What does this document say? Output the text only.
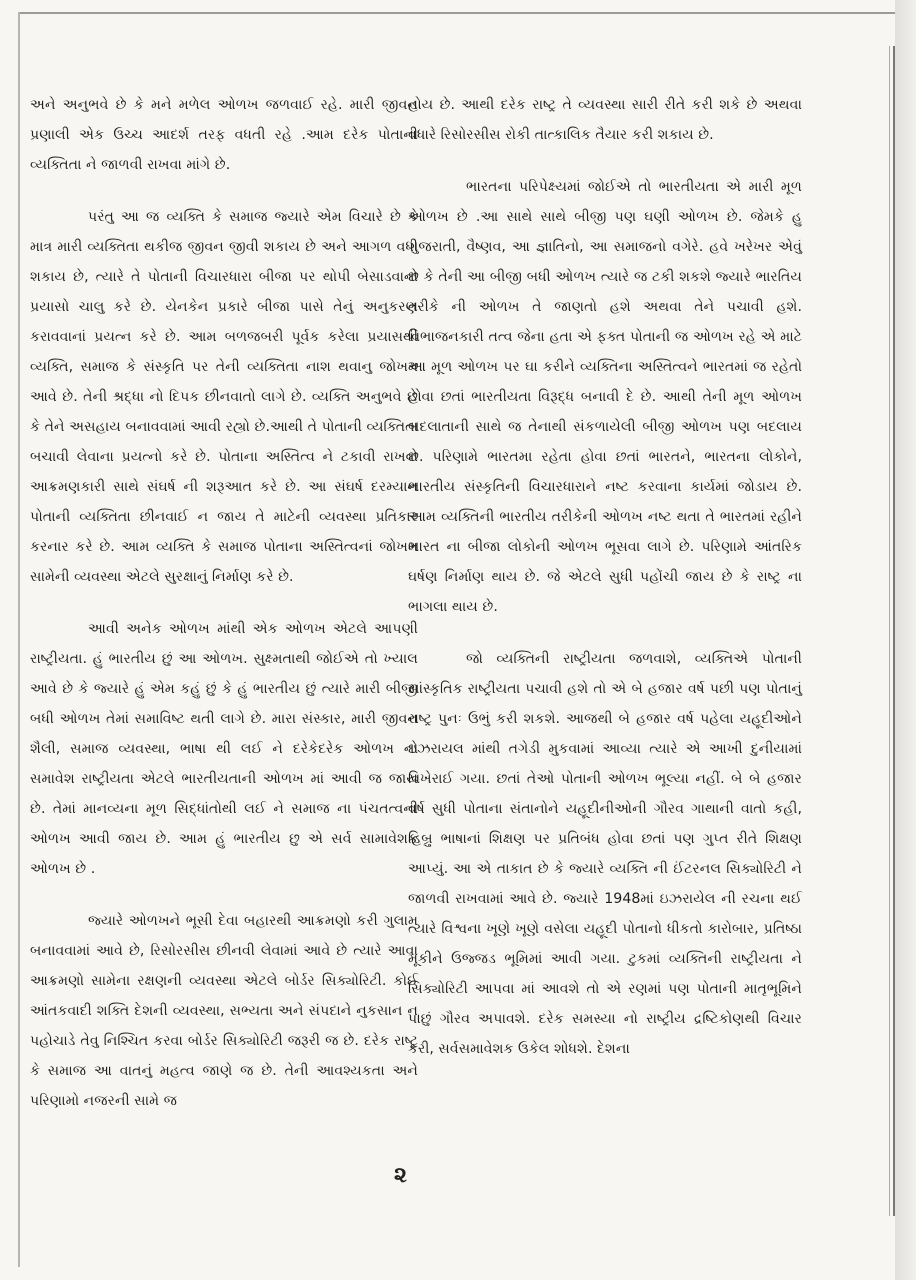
અને અનુભવે છે કે મને મળેલ ઓળખ જળવાઈ રહે. મારી જીવન પ્રણાલી એક ઉચ્ચ આદર્શ તરફ વધતી રહે .આમ દરેક પોતાની વ્યક્તિતા ને જાળવી રાખવા માંગે છે.

પરંતુ આ જ વ્યક્તિ કે સમાજ જ્યારે એમ વિચારે છે કે માત્ર મારી વ્યક્તિતા થકીજ જીવન જીવી શકાય છે અને આગળ વધી શકાય છે, ત્યારે તે પોતાની વિચારધારા બીજા પર થોપી બેસાડવાના પ્રયાસો ચાલુ કરે છે. યેનકેન પ્રકારે બીજા પાસે તેનું અનુકરણ કરાવવાનાં પ્રયત્ન કરે છે. આમ બળજબરી પૂર્વક કરેલા પ્રયાસથી વ્યક્તિ, સમાજ કે સંસ્કૃતિ પર તેની વ્યક્તિતા નાશ થવાનુ જોખમ આવે છે. તેની શ્રદ્ધા નો દિપક છીનવાતો લાગે છે. વ્યક્તિ અનુભવે છે કે તેને અસહાય બનાવવામાં આવી રહ્યો છે.આથી તે પોતાની વ્યક્તિતા બચાવી લેવાના પ્રયત્નો કરે છે. પોતાના અસ્તિત્વ ને ટકાવી રાખવા આક્રમણકારી સાથે સંઘર્ષ ની શરૂઆત કરે છે. આ સંઘર્ષ દરમ્યાન પોતાની વ્યક્તિતા છીનવાઈ ન જાય તે માટેની વ્યવસ્થા પ્રતિકાર કરનાર કરે છે. આમ વ્યક્તિ કે સમાજ પોતાના અસ્તિત્વનાં જોખમ સામેની વ્યવસ્થા એટલે સુરક્ષાનું નિર્માણ કરે છે.

આવી અનેક ઓળખ માંથી એક ઓળખ એટલે આપણી રાષ્ટ્રીયતા. હું ભારતીય છું આ ઓળખ. સુક્ષ્મતાથી જોઈએ તો ખ્યાલ આવે છે કે જ્યારે હું એમ કહું છું કે હું ભારતીય છું ત્યારે મારી બીજી બધી ઓળખ તેમાં સમાવિષ્ટ થતી લાગે છે. મારા સંસ્કાર, મારી જીવન શૈલી, સમાજ વ્યવસ્થા, ભાષા થી લઈ ને દરેકેદરેક ઓળખ નો સમાવેશ રાષ્ટ્રીયતા એટલે ભારતીયતાની ઓળખ માં આવી જ જાય છે. તેમાં માનવ્યના મૂળ સિદ્ધાંતોથી લઈ ને સમાજ ના પંચતત્વની ઓળખ આવી જાય છે. આમ હું ભારતીય છુ એ સર્વ સામાવેશક ઓળખ છે .

જ્યારે ઓળખને ભૂસી દેવા બહારથી આક્રમણો કરી ગુલામ બનાવવામાં આવે છે, રિસોરસીસ છીનવી લેવામાં આવે છે ત્યારે આવા આક્રમણો સામેના રક્ષણની વ્યવસ્થા એટલે બોર્ડર સિક્યોરિટી. કોઈ આંતકવાદી શક્તિ દેશની વ્યવસ્થા, સભ્યતા અને સંપદાને નુકસાન ન પહોચાડે તેવુ નિશ્ચિત કરવા બોર્ડર સિક્યોરિટી જરૂરી જ છે. દરેક રાષ્ટ્ર કે સમાજ આ વાતનું મહત્વ જાણે જ છે. તેની આવશ્યકતા અને પરિણામો નજરની સામે જ

હોય છે. આથી દરેક રાષ્ટ્ર તે વ્યવસ્થા સારી રીતે કરી શકે છે અથવા વધારે રિસોરસીસ રોકી તાત્કાલિક તૈયાર કરી શકાય છે.

ભારતના પરિપેક્ષ્યમાં જોઈએ તો ભારતીયતા એ મારી મૂળ ઓળખ છે .આ સાથે સાથે બીજી પણ ઘણી ઓળખ છે. જેમકે હુ ગુજરાતી, વૈષ્ણવ, આ જ્ઞાતિનો, આ સમાજનો વગેરે. હવે ખરેખર એવું છે કે તેની આ બીજી બધી ઓળખ ત્યારે જ ટકી શકશે જ્યારે ભારતિય તરીકે ની ઓળખ તે જાણતો હશે અથવા તેને પચાવી હશે. વિભાજનકારી તત્વ જેના હતા એ ફક્ત પોતાની જ ઓળખ રહે એ માટે આ મૂળ ઓળખ પર ઘા કરીને વ્યક્તિના અસ્તિત્વને ભારતમાં જ રહેતો હોવા છતાં ભારતીયતા વિરૂદ્ધ બનાવી દે છે. આથી તેની મૂળ ઓળખ બદલાતાની સાથે જ તેનાથી સંકળાયેલી બીજી ઓળખ પણ બદલાય છે. પરિણામે ભારતમા રહેતા હોવા છતાં ભારતને, ભારતના લોકોને, ભારતીય સંસ્કૃતિની વિચારધારાને નષ્ટ કરવાના કાર્યમાં જોડાય છે. આમ વ્યક્તિની ભારતીય તરીકેની ઓળખ નષ્ટ થતા તે ભારતમાં રહીને ભારત ના બીજા લોકોની ઓળખ ભૂસવા લાગે છે. પરિણામે આંતરિક ઘર્ષણ નિર્માણ થાય છે. જે એટલે સુધી પહોંચી જાય છે કે રાષ્ટ્ર ના ભાગલા થાય છે.

જો વ્યક્તિની રાષ્ટ્રીયતા જળવાશે, વ્યક્તિએ પોતાની સાંસ્કૃતિક રાષ્ટ્રીયતા પચાવી હશે તો એ બે હજાર વર્ષ પછી પણ પોતાનું રાષ્ટ્ર પુનઃ ઉભું કરી શકશે. આજથી બે હજાર વર્ષ પહેલા યહૂદીઓને ઇઝરાયલ માંથી તગેડી મુકવામાં આવ્યા ત્યારે એ આખી દુનીયામાં વિખેરાઈ ગયા. છતાં તેઓ પોતાની ઓળખ ભૂલ્યા નહીં. બે બે હજાર વર્ષ સુધી પોતાના સંતાનોને યહૂદીનીઓની ગૌરવ ગાથાની વાતો કહી, હિબ્રુ ભાષાનાં શિક્ષણ પર પ્રતિબંધ હોવા છતાં પણ ગુપ્ત રીતે શિક્ષણ આપ્યું. આ એ તાકાત છે કે જ્યારે વ્યક્તિ ની ઈંટરનલ સિક્યોરિટી ને જાળવી રાખવામાં આવે છે. જ્યારે 1948માં ઇઝરાયેલ ની રચના થઈ ત્યારે વિશ્વના ખૂણે ખૂણે વસેલા યહૂદી પોતાનો ધીકતો કારોબાર, પ્રતિષ્ઠા મૂકીને ઉજ્જડ ભૂમિમાં આવી ગયા. ટુકમાં વ્યક્તિની રાષ્ટ્રીયતા ને સિક્યોરિટી આપવા માં આવશે તો એ રણમાં પણ પોતાની માતૃભૂમિને પાછું ગૌરવ અપાવશે. દરેક સમસ્યા નો રાષ્ટ્રીય દ્રષ્ટિકોણથી વિચાર કરી, સર્વસમાવેશક ઉકેલ શોધશે. દેશના

૨
